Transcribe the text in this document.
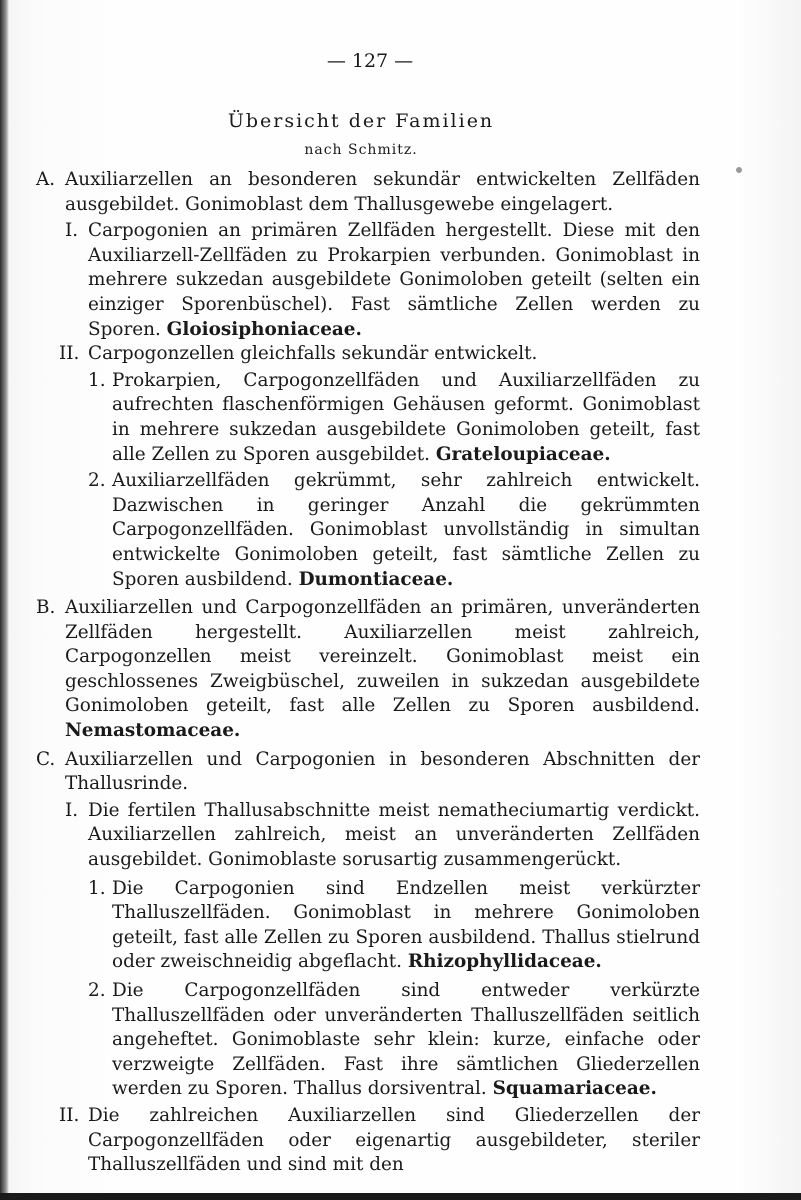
— 127 —
Übersicht der Familien
nach Schmitz.
A. Auxiliarzellen an besonderen sekundär entwickelten Zellfäden ausgebildet. Gonimoblast dem Thallusgewebe eingelagert.

I. Carpogonien an primären Zellfäden hergestellt. Diese mit den Auxiliarzell-Zellfäden zu Prokarpien verbunden. Gonimoblast in mehrere sukzedan ausgebildete Gonimoloben geteilt (selten ein einziger Sporenbüschel). Fast sämtliche Zellen werden zu Sporen. Gloiosiphoniaceae.

II. Carpogonzellen gleichfalls sekundär entwickelt.

1. Prokarpien, Carpogonzellfäden und Auxiliarzellfäden zu aufrechten flaschenförmigen Gehäusen geformt. Gonimoblast in mehrere sukzedan ausgebildete Gonimoloben geteilt, fast alle Zellen zu Sporen ausgebildet. Grateloupiaceae.

2. Auxiliarzellfäden gekrümmt, sehr zahlreich entwickelt. Dazwischen in geringer Anzahl die gekrümmten Carpogonzellfäden. Gonimoblast unvollständig in simultan entwickelte Gonimoloben geteilt, fast sämtliche Zellen zu Sporen ausbildend. Dumontiaceae.

B. Auxiliarzellen und Carpogonzellfäden an primären, unveränderten Zellfäden hergestellt. Auxiliarzellen meist zahlreich, Carpogonzellen meist vereinzelt. Gonimoblast meist ein geschlossenes Zweigbüschel, zuweilen in sukzedan ausgebildete Gonimoloben geteilt, fast alle Zellen zu Sporen ausbildend. Nemastomaceae.

C. Auxiliarzellen und Carpogonien in besonderen Abschnitten der Thallusrinde.

I. Die fertilen Thallusabschnitte meist nematheciumartig verdickt. Auxiliarzellen zahlreich, meist an unveränderten Zellfäden ausgebildet. Gonimoblaste sorusartig zusammengerückt.

1. Die Carpogonien sind Endzellen meist verkürzter Thalluszellfäden. Gonimoblast in mehrere Gonimoloben geteilt, fast alle Zellen zu Sporen ausbildend. Thallus stielrund oder zweischneidig abgeflacht. Rhizophyllidaceae.

2. Die Carpogonzellfäden sind entweder verkürzte Thalluszellfäden oder unveränderten Thalluszellfäden seitlich angeheftet. Gonimoblaste sehr klein: kurze, einfache oder verzweigte Zellfäden. Fast ihre sämtlichen Gliederzellen werden zu Sporen. Thallus dorsiventral. Squamariaceae.

II. Die zahlreichen Auxiliarzellen sind Gliederzellen der Carpogonzellfäden oder eigenartig ausgebildeter, steriler Thalluszellfäden und sind mit den
